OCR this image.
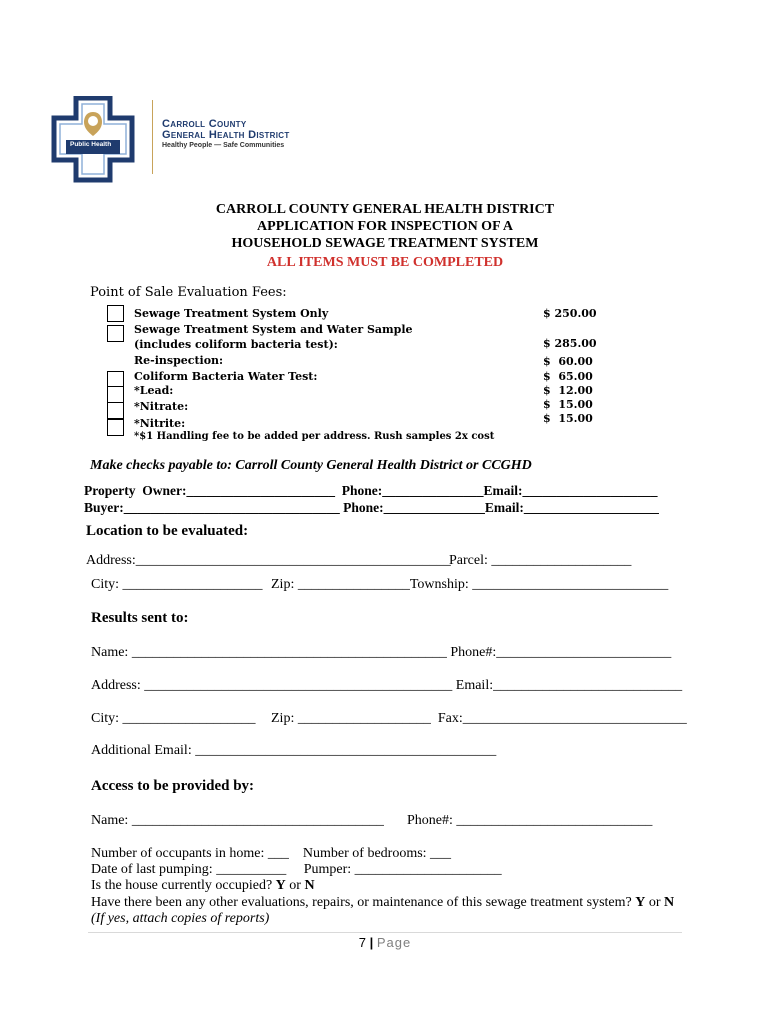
Public Health
Carroll County
General Health District
Healthy People — Safe Communities
CARROLL COUNTY GENERAL HEALTH DISTRICT
APPLICATION FOR INSPECTION OF A
HOUSEHOLD SEWAGE TREATMENT SYSTEM
ALL ITEMS MUST BE COMPLETED
Point of Sale Evaluation Fees:
Sewage Treatment System Only
Sewage Treatment System and Water Sample
(includes coliform bacteria test):
Re-inspection:
Coliform Bacteria Water Test:
*Lead:
*Nitrate:
*Nitrite:
*$1 Handling fee to be added per address. Rush samples 2x cost
$ 250.00
$ 285.00
$  60.00
$  65.00
$  12.00
$  15.00
$  15.00
Make checks payable to: Carroll County General Health District or CCGHD
Property  Owner:______________________  Phone:_______________Email:____________________
Buyer:________________________________ Phone:_______________Email:____________________
Location to be evaluated:
Address:_____________________________________________
Parcel: ____________________
City: ____________________ Zip: ________________Township: ____________________________
Results sent to:
Name: _____________________________________________ Phone#:_________________________
Address: ____________________________________________ Email:___________________________
City: ___________________ Zip: ___________________  Fax:________________________________
Additional Email: ___________________________________________
Access to be provided by:
Name: ____________________________________ Phone#: ____________________________
Number of occupants in home: ___    Number of bedrooms: ___
Date of last pumping: __________     Pumper: _____________________
Is the house currently occupied? Y or N
Have there been any other evaluations, repairs, or maintenance of this sewage treatment system? Y or N
(If yes, attach copies of reports)
7 | Page
